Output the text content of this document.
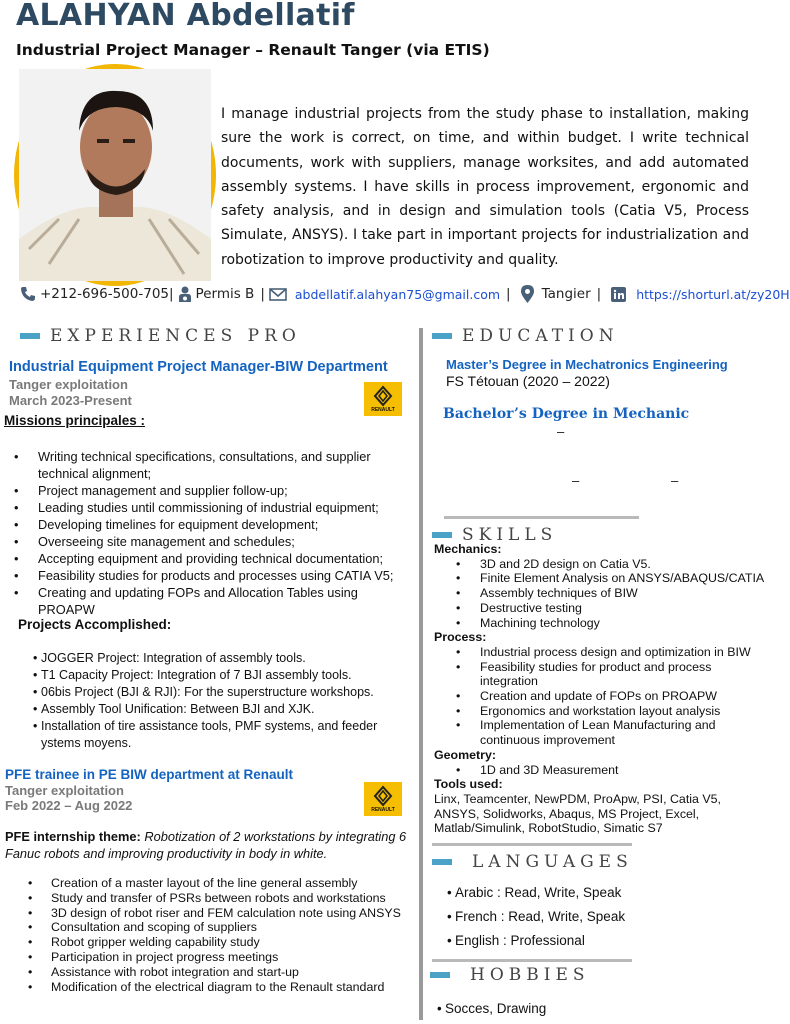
ALAHYAN Abdellatif
Industrial Project Manager – Renault Tanger (via ETIS)
I manage industrial projects from the study phase to installation, making sure the work is correct, on time, and within budget. I write technical documents, work with suppliers, manage worksites, and add automated assembly systems. I have skills in process improvement, ergonomic and safety analysis, and in design and simulation tools (Catia V5, Process Simulate, ANSYS). I take part in important projects for industrialization and robotization to improve productivity and quality.
+212-696-500-705| Permis B | abdellatif.alahyan75@gmail.com | Tangier |	https://shorturl.at/zy20H
EXPERIENCES PRO
Industrial Equipment Project Manager-BIW Department
Tanger exploitation
March 2023-Present
RENAULT
Missions principales :
• Writing technical specifications, consultations, and supplier technical alignment;
• Project management and supplier follow-up;
• Leading studies until commissioning of industrial equipment;
• Developing timelines for equipment development;
• Overseeing site management and schedules;
• Accepting equipment and providing technical documentation;
• Feasibility studies for products and processes using CATIA V5;
• Creating and updating FOPs and Allocation Tables using PROAPW
Projects Accomplished:
• JOGGER Project: Integration of assembly tools.
• T1 Capacity Project: Integration of 7 BJI assembly tools.
• 06bis Project (BJI & RJI): For the superstructure workshops.
• Assembly Tool Unification: Between BJI and XJK.
• Installation of tire assistance tools, PMF systems, and feeder ystems moyens.
PFE trainee in PE BIW department at Renault
Tanger exploitation
Feb 2022 – Aug 2022	RENAULT
PFE internship theme: Robotization of 2 workstations by integrating 6 Fanuc robots and improving productivity in body in white.
• Creation of a master layout of the line general assembly
• Study and transfer of PSRs between robots and workstations
• 3D design of robot riser and FEM calculation note using ANSYS
• Consultation and scoping of suppliers
• Robot gripper welding capability study
• Participation in project progress meetings
• Assistance with robot integration and start-up
• Modification of the electrical diagram to the Renault standard
EDUCATION
Master’s Degree in Mechatronics Engineering
FS Tétouan (2020 – 2022)
Bachelor’s Degree in Mechanic
–
–	–
SKILLS
Mechanics:
• 3D and 2D design on Catia V5.
• Finite Element Analysis on ANSYS/ABAQUS/CATIA
• Assembly techniques of BIW
• Destructive testing
• Machining technology
Process:
• Industrial process design and optimization in BIW
• Feasibility studies for product and process integration
• Creation and update of FOPs on PROAPW
• Ergonomics and workstation layout analysis
• Implementation of Lean Manufacturing and continuous improvement
Geometry:
• 1D and 3D Measurement
Tools used:
Linx, Teamcenter, NewPDM, ProApw, PSI, Catia V5, ANSYS, Solidworks, Abaqus, MS Project, Excel, Matlab/Simulink, RobotStudio, Simatic S7
LANGUAGES
• Arabic : Read, Write, Speak
• French : Read, Write, Speak
• English : Professional
HOBBIES
• Socces, Drawing
